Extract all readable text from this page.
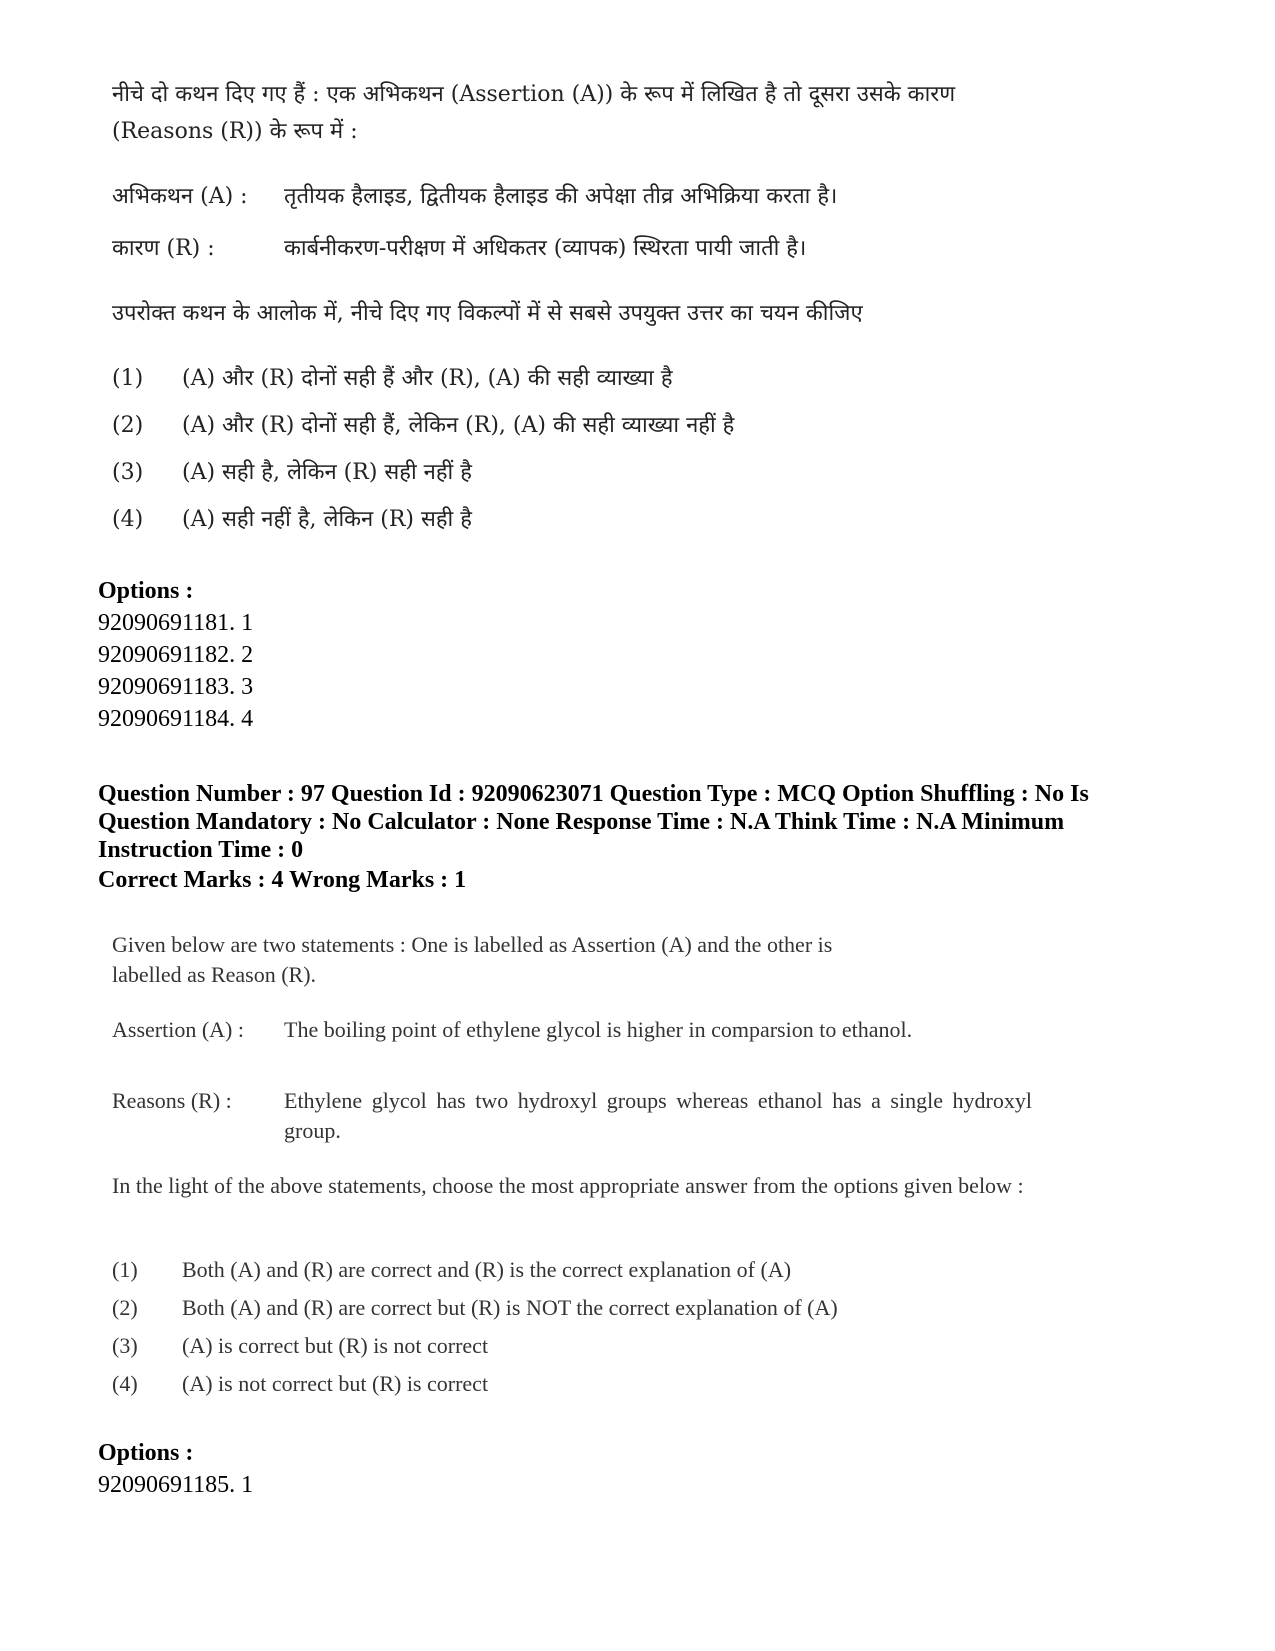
नीचे दो कथन दिए गए हैं : एक अभिकथन (Assertion (A)) के रूप में लिखित है तो दूसरा उसके कारण (Reasons (R)) के रूप में :

अभिकथन (A) :	तृतीयक हैलाइड, द्वितीयक हैलाइड की अपेक्षा तीव्र अभिक्रिया करता है।
कारण (R) :	कार्बनीकरण-परीक्षण में अधिकतर (व्यापक) स्थिरता पायी जाती है।

उपरोक्त कथन के आलोक में, नीचे दिए गए विकल्पों में से सबसे उपयुक्त उत्तर का चयन कीजिए

(1)	(A) और (R) दोनों सही हैं और (R), (A) की सही व्याख्या है
(2)	(A) और (R) दोनों सही हैं, लेकिन (R), (A) की सही व्याख्या नहीं है
(3)	(A) सही है, लेकिन (R) सही नहीं है
(4)	(A) सही नहीं है, लेकिन (R) सही है
Options :
92090691181. 1
92090691182. 2
92090691183. 3
92090691184. 4
Question Number : 97 Question Id : 92090623071 Question Type : MCQ Option Shuffling : No Is
Question Mandatory : No Calculator : None Response Time : N.A Think Time : N.A Minimum
Instruction Time : 0
Correct Marks : 4 Wrong Marks : 1

Given below are two statements : One is labelled as Assertion (A) and the other is

labelled as Reason (R).

Assertion (A) :	The boiling point of ethylene glycol is higher in comparsion to ethanol.
Reasons (R) :	Ethylene glycol has two hydroxyl groups whereas ethanol has a single hydroxyl group.

In the light of the above statements, choose the most appropriate answer from the options given below :

(1)	Both (A) and (R) are correct and (R) is the correct explanation of (A)
(2)	Both (A) and (R) are correct but (R) is NOT the correct explanation of (A)
(3)	(A) is correct but (R) is not correct
(4)	(A) is not correct but (R) is correct
Options :
92090691185. 1
